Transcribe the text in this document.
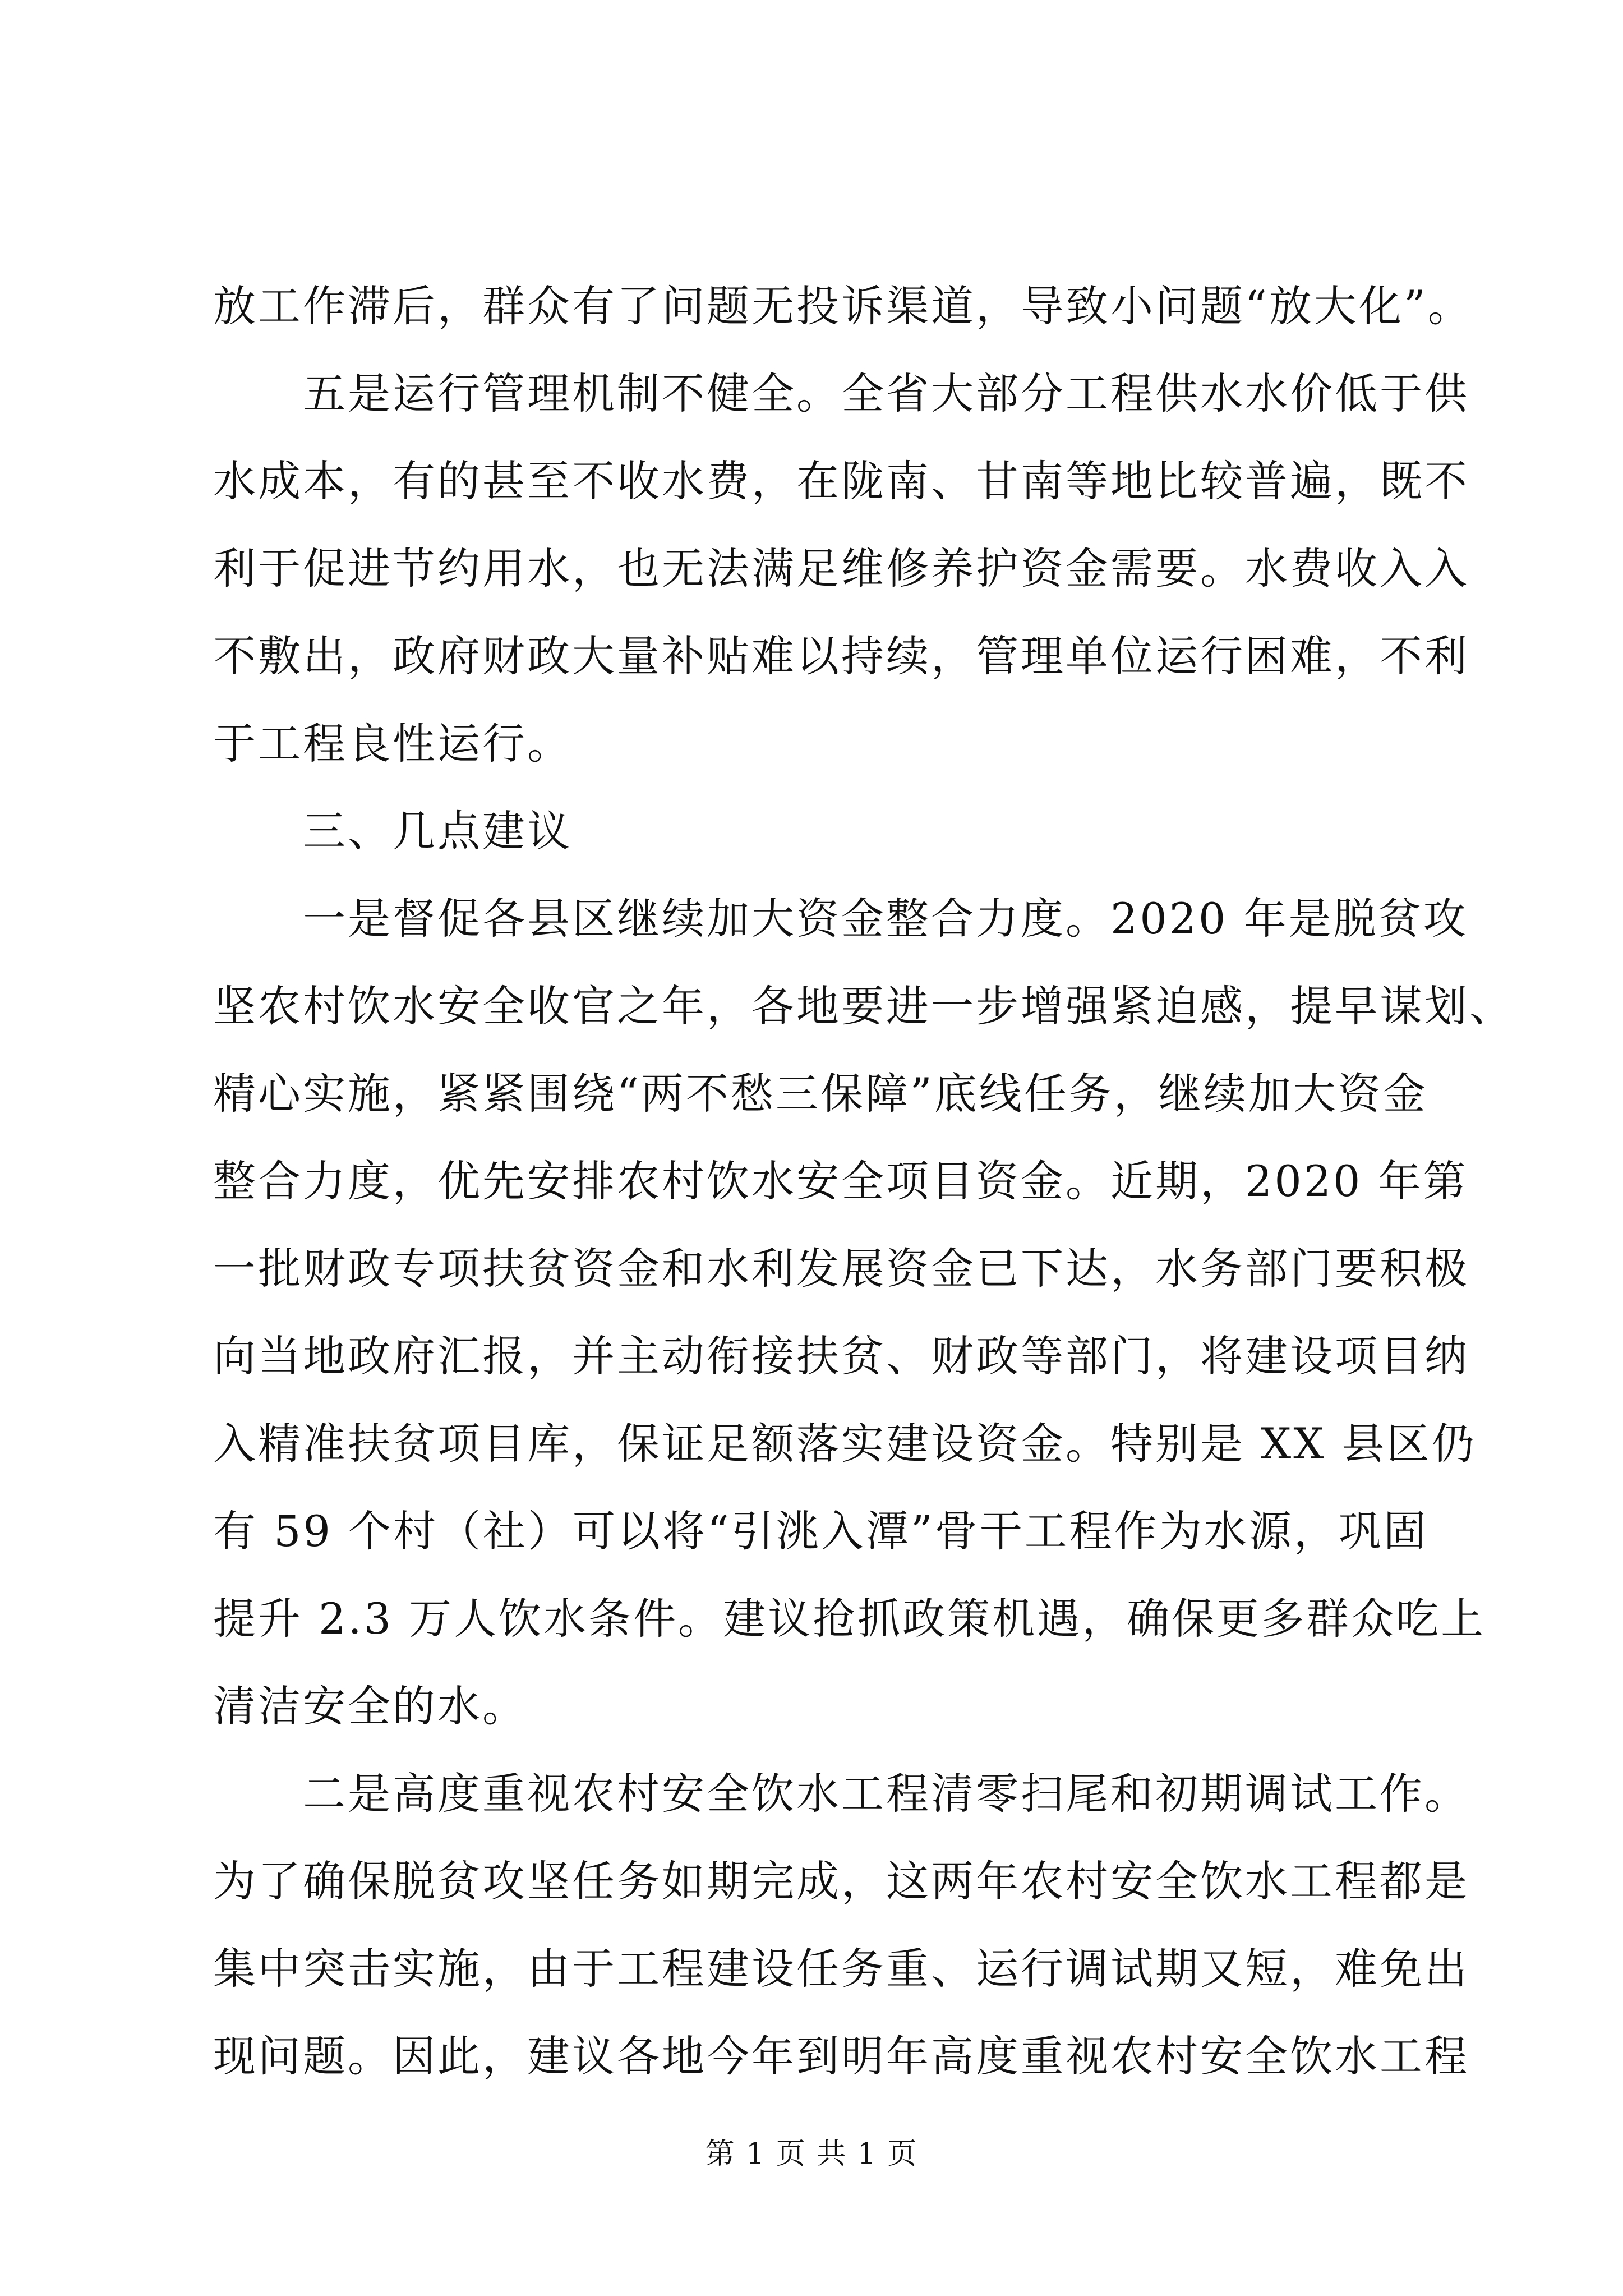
放工作滞后，群众有了问题无投诉渠道，导致小问题“放大化”。
五是运行管理机制不健全。全省大部分工程供水水价低于供
水成本，有的甚至不收水费，在陇南、甘南等地比较普遍，既不
利于促进节约用水，也无法满足维修养护资金需要。水费收入入
不敷出，政府财政大量补贴难以持续，管理单位运行困难，不利
于工程良性运行。
三、几点建议
一是督促各县区继续加大资金整合力度。2020 年是脱贫攻
坚农村饮水安全收官之年，各地要进一步增强紧迫感，提早谋划、
精心实施，紧紧围绕“两不愁三保障”底线任务，继续加大资金
整合力度，优先安排农村饮水安全项目资金。近期，2020 年第
一批财政专项扶贫资金和水利发展资金已下达，水务部门要积极
向当地政府汇报，并主动衔接扶贫、财政等部门，将建设项目纳
入精准扶贫项目库，保证足额落实建设资金。特别是 XX 县区仍
有 59 个村（社）可以将“引洮入潭”骨干工程作为水源，巩固
提升 2.3 万人饮水条件。建议抢抓政策机遇，确保更多群众吃上
清洁安全的水。
二是高度重视农村安全饮水工程清零扫尾和初期调试工作。
为了确保脱贫攻坚任务如期完成，这两年农村安全饮水工程都是
集中突击实施，由于工程建设任务重、运行调试期又短，难免出
现问题。因此，建议各地今年到明年高度重视农村安全饮水工程
第 1 页 共 1 页
